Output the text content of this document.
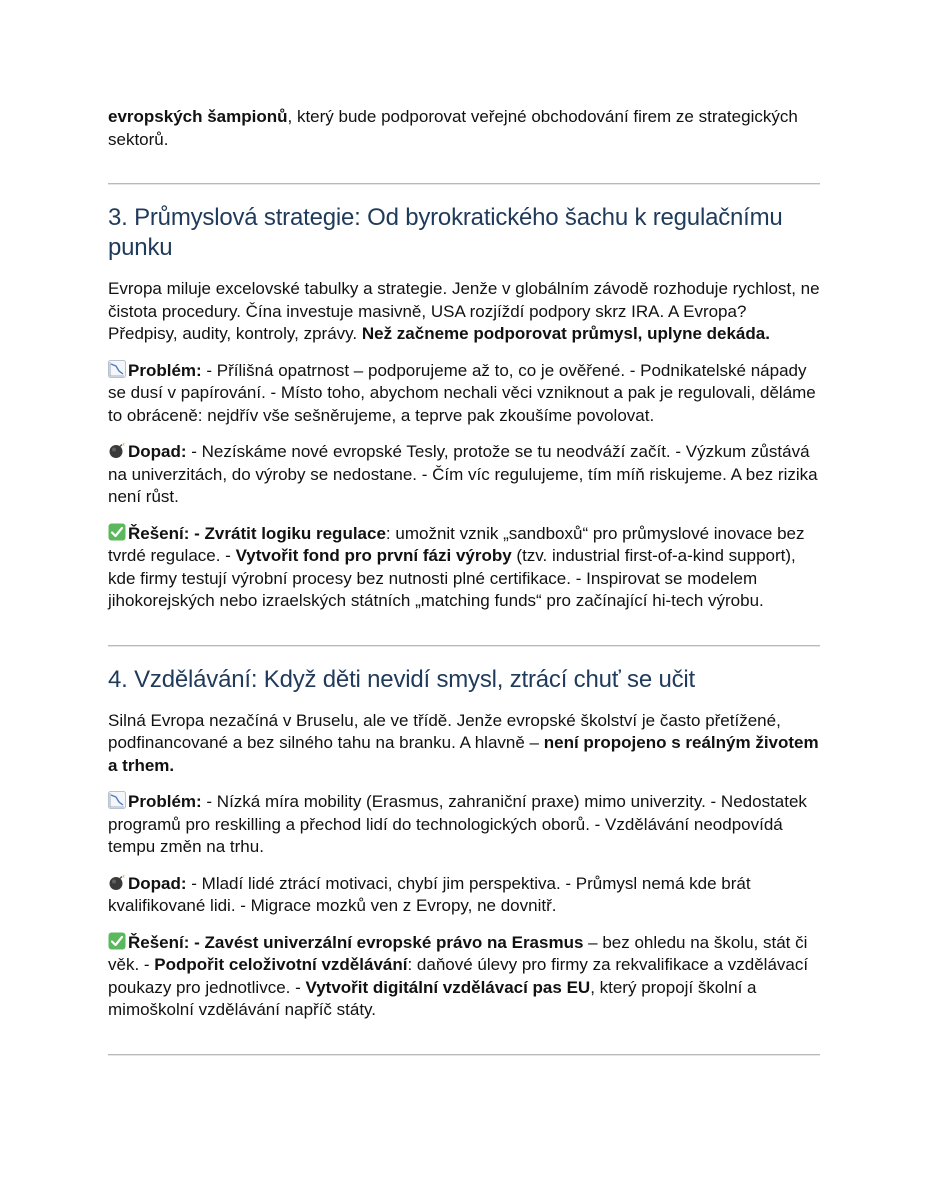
evropských šampionů, který bude podporovat veřejné obchodování firem ze strategických sektorů.

3. Průmyslová strategie: Od byrokratického šachu k regulačnímu punku

Evropa miluje excelovské tabulky a strategie. Jenže v globálním závodě rozhoduje rychlost, ne čistota procedury. Čína investuje masivně, USA rozjíždí podpory skrz IRA. A Evropa? Předpisy, audity, kontroly, zprávy. Než začneme podporovat průmysl, uplyne dekáda.

Problém: - Přílišná opatrnost – podporujeme až to, co je ověřené. - Podnikatelské nápady se dusí v papírování. - Místo toho, abychom nechali věci vzniknout a pak je regulovali, děláme to obráceně: nejdřív vše sešněrujeme, a teprve pak zkoušíme povolovat.

Dopad: - Nezískáme nové evropské Tesly, protože se tu neodváží začít. - Výzkum zůstává na univerzitách, do výroby se nedostane. - Čím víc regulujeme, tím míň riskujeme. A bez rizika není růst.

Řešení: - Zvrátit logiku regulace: umožnit vznik „sandboxů“ pro průmyslové inovace bez tvrdé regulace. - Vytvořit fond pro první fázi výroby (tzv. industrial first-of-a-kind support), kde firmy testují výrobní procesy bez nutnosti plné certifikace. - Inspirovat se modelem jihokorejských nebo izraelských státních „matching funds“ pro začínající hi-tech výrobu.

4. Vzdělávání: Když děti nevidí smysl, ztrácí chuť se učit

Silná Evropa nezačíná v Bruselu, ale ve třídě. Jenže evropské školství je často přetížené, podfinancované a bez silného tahu na branku. A hlavně – není propojeno s reálným životem a trhem.

Problém: - Nízká míra mobility (Erasmus, zahraniční praxe) mimo univerzity. - Nedostatek programů pro reskilling a přechod lidí do technologických oborů. - Vzdělávání neodpovídá tempu změn na trhu.

Dopad: - Mladí lidé ztrácí motivaci, chybí jim perspektiva. - Průmysl nemá kde brát kvalifikované lidi. - Migrace mozků ven z Evropy, ne dovnitř.

Řešení: - Zavést univerzální evropské právo na Erasmus – bez ohledu na školu, stát či věk. - Podpořit celoživotní vzdělávání: daňové úlevy pro firmy za rekvalifikace a vzdělávací poukazy pro jednotlivce. - Vytvořit digitální vzdělávací pas EU, který propojí školní a mimoškolní vzdělávání napříč státy.
